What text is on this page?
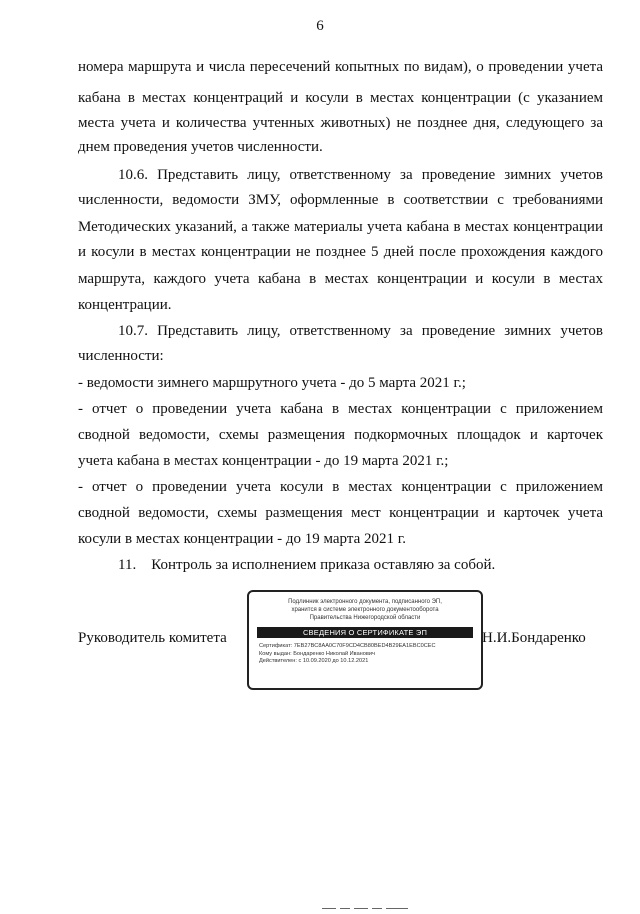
6
номера маршрута и числа пересечений копытных по видам), о проведении учета
кабана в местах концентраций и косули в местах концентрации (с указанием
места учета и количества учтенных животных) не позднее дня, следующего за
днем проведения учетов численности.
10.6. Представить лицу, ответственному за проведение зимних учетов
численности, ведомости ЗМУ, оформленные в соответствии с требованиями
Методических указаний, а также материалы учета кабана в местах концентрации
и косули в местах концентрации не позднее 5 дней после прохождения каждого
маршрута, каждого учета кабана в местах концентрации и косули в местах
концентрации.
10.7. Представить лицу, ответственному за проведение зимних учетов
численности:
- ведомости зимнего маршрутного учета - до 5 марта 2021 г.;
- отчет о проведении учета кабана в местах концентрации с приложением
сводной ведомости, схемы размещения подкормочных площадок и карточек
учета кабана в местах концентрации - до 19 марта 2021 г.;
- отчет о проведении учета косули в местах концентрации с приложением
сводной ведомости, схемы размещения мест концентрации и карточек учета
косули в местах концентрации - до 19 марта 2021 г.
11.    Контроль за исполнением приказа оставляю за собой.
Руководитель комитета
Подлинник электронного документа, подписанного ЭП,
хранится в системе электронного документооборота
Правительства Нижегородской области
СВЕДЕНИЯ О СЕРТИФИКАТЕ ЭП
Сертификат: 7EB27BC8AA0C70F9CD4CB80BED4B29EA1EBC0CEC
Кому выдан: Бондаренко Николай Иванович
Действителен: с 10.09.2020 до 10.12.2021
Н.И.Бондаренко
